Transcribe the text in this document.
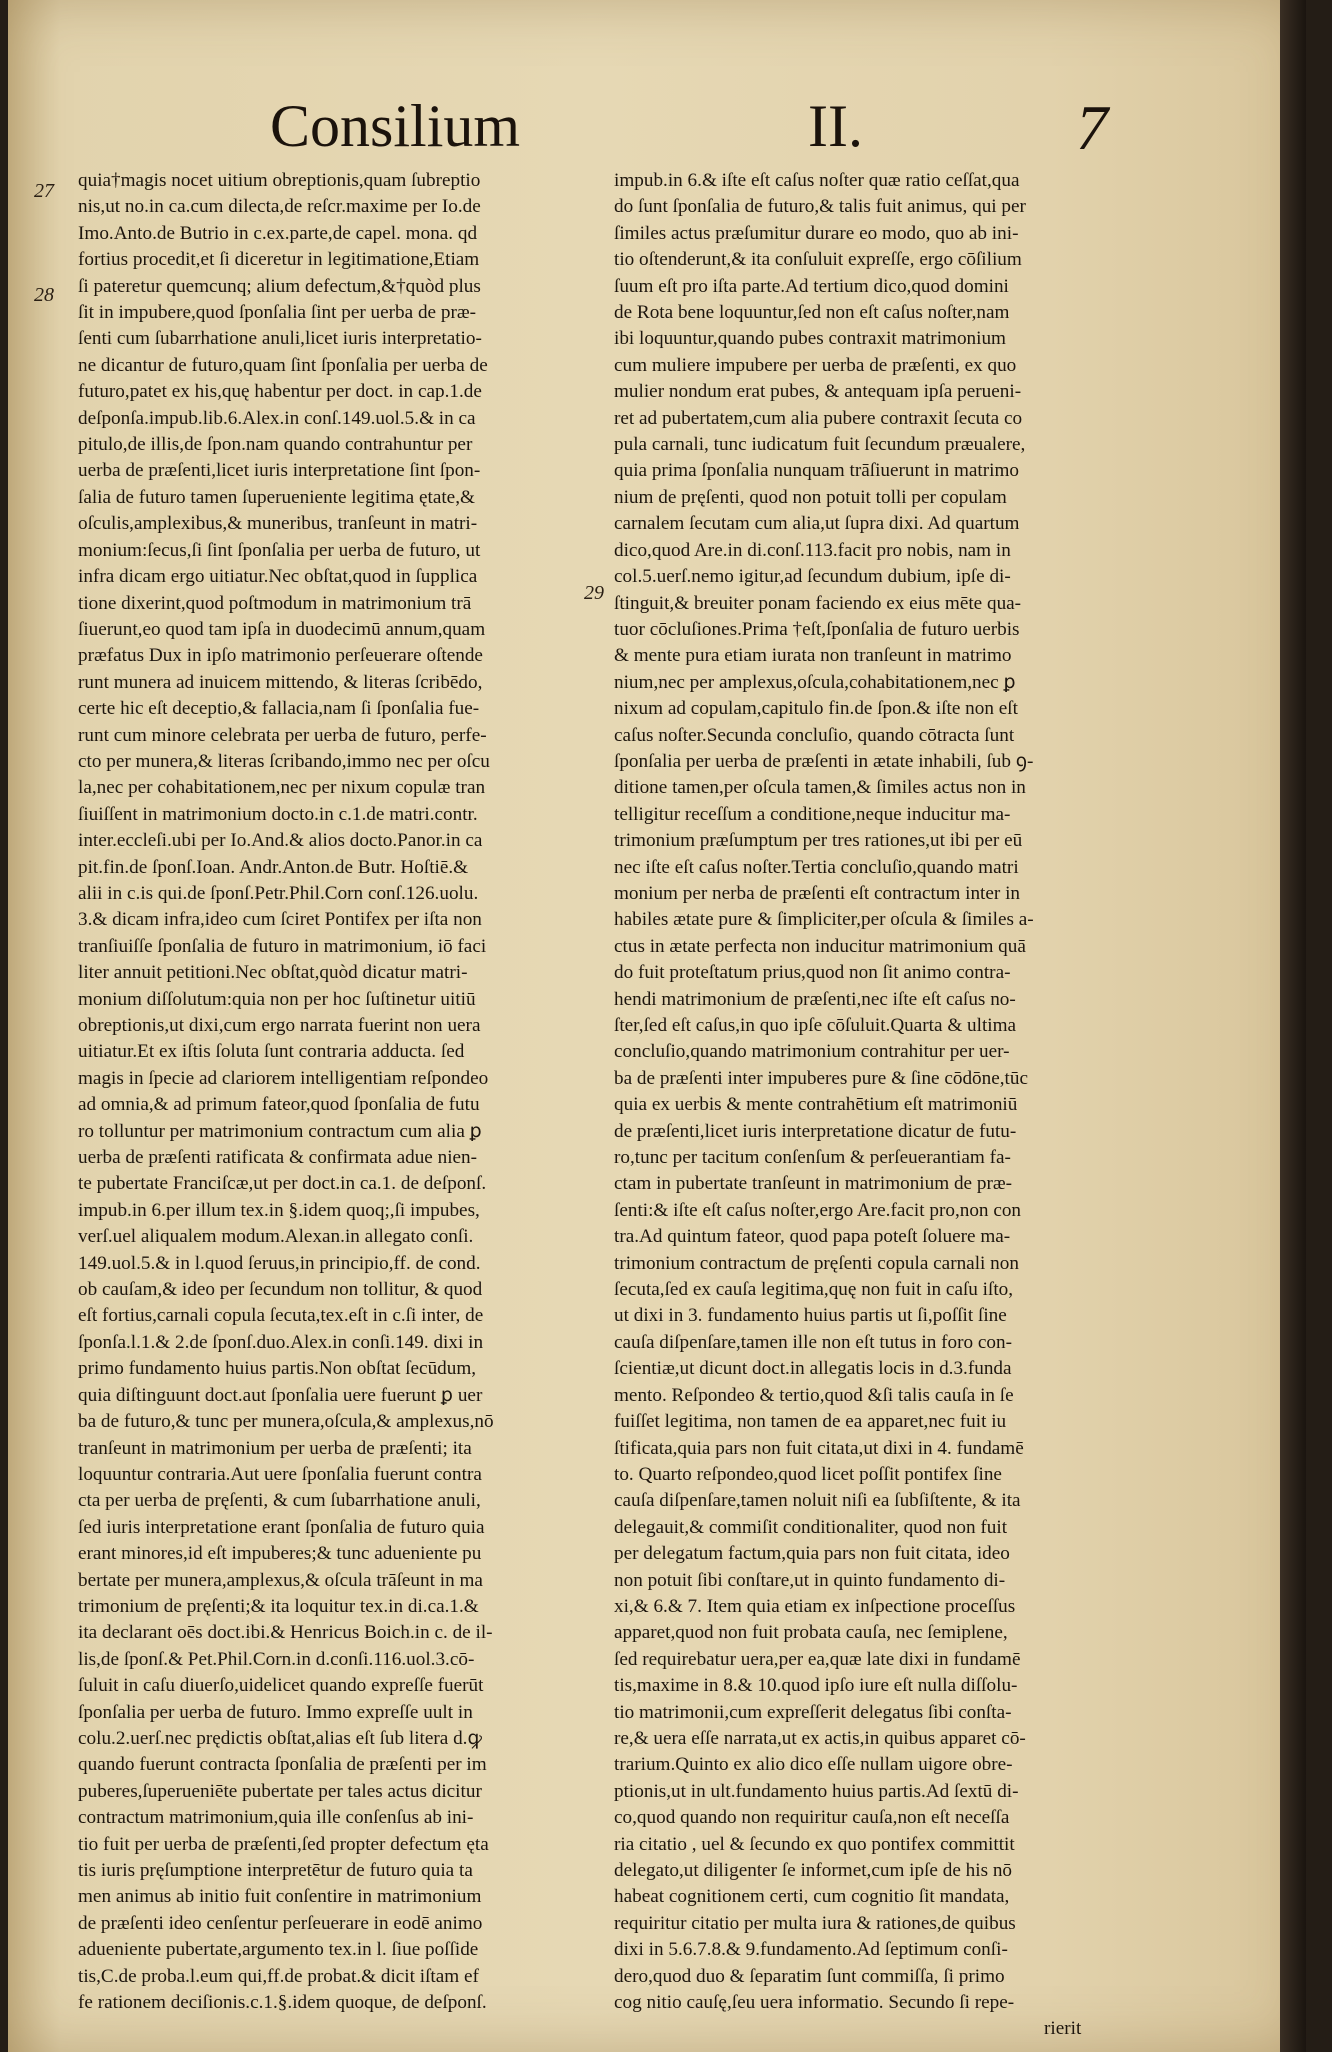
Consilium	II.	7
27
28
29
quia†magis nocet uitium obreptionis,quam ſubreptio
nis,ut no.in ca.cum dilecta,de reſcr.maxime per Io.de
Imo.Anto.de Butrio in c.ex.parte,de capel. mona. qd
fortius procedit,et ſi diceretur in legitimatione,Etiam
ſi pateretur quemcunq; alium defectum,&†quòd plus
ſit in impubere,quod ſponſalia ſint per uerba de præ-
ſenti cum ſubarrhatione anuli,licet iuris interpretatio-
ne dicantur de futuro,quam ſint ſponſalia per uerba de
futuro,patet ex his,quę habentur per doct. in cap.1.de
deſponſa.impub.lib.6.Alex.in conſ.149.uol.5.& in ca
pitulo,de illis,de ſpon.nam quando contrahuntur per
uerba de præſenti,licet iuris interpretatione ſint ſpon-
ſalia de futuro tamen ſuperueniente legitima ętate,&
oſculis,amplexibus,& muneribus, tranſeunt in matri-
monium:ſecus,ſi ſint ſponſalia per uerba de futuro, ut
infra dicam ergo uitiatur.Nec obſtat,quod in ſupplica
tione dixerint,quod poſtmodum in matrimonium trā
ſiuerunt,eo quod tam ipſa in duodecimū annum,quam
præfatus Dux in ipſo matrimonio perſeuerare oſtende
runt munera ad inuicem mittendo, & literas ſcribēdo,
certe hic eſt deceptio,& fallacia,nam ſi ſponſalia fue-
runt cum minore celebrata per uerba de futuro, perfe-
cto per munera,& literas ſcribando,immo nec per oſcu
la,nec per cohabitationem,nec per nixum copulæ tran
ſiuiſſent in matrimonium docto.in c.1.de matri.contr.
inter.eccleſi.ubi per Io.And.& alios docto.Panor.in ca
pit.fin.de ſponſ.Ioan. Andr.Anton.de Butr. Hoſtiē.&
alii in c.is qui.de ſponſ.Petr.Phil.Corn conſ.126.uolu.
3.& dicam infra,ideo cum ſciret Pontifex per iſta non
tranſiuiſſe ſponſalia de futuro in matrimonium, iō faci
liter annuit petitioni.Nec obſtat,quòd dicatur matri-
monium diſſolutum:quia non per hoc ſuſtinetur uitiū
obreptionis,ut dixi,cum ergo narrata fuerint non uera
uitiatur.Et ex iſtis ſoluta ſunt contraria adducta. ſed
magis in ſpecie ad clariorem intelligentiam reſpondeo
ad omnia,& ad primum fateor,quod ſponſalia de futu
ro tolluntur per matrimonium contractum cum alia ꝑ
uerba de præſenti ratificata & confirmata adue nien-
te pubertate Franciſcæ,ut per doct.in ca.1. de deſponſ.
impub.in 6.per illum tex.in §.idem quoq;,ſi impubes,
verſ.uel aliqualem modum.Alexan.in allegato conſi.
149.uol.5.& in l.quod ſeruus,in principio,ff. de cond.
ob cauſam,& ideo per ſecundum non tollitur, & quod
eſt fortius,carnali copula ſecuta,tex.eſt in c.ſi inter, de
ſponſa.l.1.& 2.de ſponſ.duo.Alex.in conſi.149. dixi in
primo fundamento huius partis.Non obſtat ſecūdum,
quia diſtinguunt doct.aut ſponſalia uere fuerunt ꝑ uer
ba de futuro,& tunc per munera,oſcula,& amplexus,nō
tranſeunt in matrimonium per uerba de præſenti; ita
loquuntur contraria.Aut uere ſponſalia fuerunt contra
cta per uerba de pręſenti, & cum ſubarrhatione anuli,
ſed iuris interpretatione erant ſponſalia de futuro quia
erant minores,id eſt impuberes;& tunc adueniente pu
bertate per munera,amplexus,& oſcula trāſeunt in ma
trimonium de pręſenti;& ita loquitur tex.in di.ca.1.&
ita declarant oēs doct.ibi.& Henricus Boich.in c. de il-
lis,de ſponſ.& Pet.Phil.Corn.in d.conſi.116.uol.3.cō-
ſuluit in caſu diuerſo,uidelicet quando expreſſe fuerūt
ſponſalia per uerba de futuro. Immo expreſſe uult in
colu.2.uerſ.nec prędictis obſtat,alias eſt ſub litera d.ꝙ
quando fuerunt contracta ſponſalia de præſenti per im
puberes,ſuperueniēte pubertate per tales actus dicitur
contractum matrimonium,quia ille conſenſus ab ini-
tio fuit per uerba de præſenti,ſed propter defectum ęta
tis iuris pręſumptione interpretētur de futuro quia ta
men animus ab initio fuit conſentire in matrimonium
de præſenti ideo cenſentur perſeuerare in eodē animo
adueniente pubertate,argumento tex.in l. ſiue poſſide
tis,C.de proba.l.eum qui,ff.de probat.& dicit iſtam ef
fe rationem deciſionis.c.1.§.idem quoque, de deſponſ.
impub.in 6.& iſte eſt caſus noſter quæ ratio ceſſat,qua
do ſunt ſponſalia de futuro,& talis fuit animus, qui per
ſimiles actus præſumitur durare eo modo, quo ab ini-
tio oſtenderunt,& ita conſuluit expreſſe, ergo cōſilium
ſuum eſt pro iſta parte.Ad tertium dico,quod domini
de Rota bene loquuntur,ſed non eſt caſus noſter,nam
ibi loquuntur,quando pubes contraxit matrimonium
cum muliere impubere per uerba de præſenti, ex quo
mulier nondum erat pubes, & antequam ipſa perueni-
ret ad pubertatem,cum alia pubere contraxit ſecuta co
pula carnali, tunc iudicatum fuit ſecundum præualere,
quia prima ſponſalia nunquam trāſiuerunt in matrimo
nium de pręſenti, quod non potuit tolli per copulam
carnalem ſecutam cum alia,ut ſupra dixi. Ad quartum
dico,quod Are.in di.conſ.113.facit pro nobis, nam in
col.5.uerſ.nemo igitur,ad ſecundum dubium, ipſe di-
ſtinguit,& breuiter ponam faciendo ex eius mēte qua-
tuor cōcluſiones.Prima †eſt,ſponſalia de futuro uerbis
& mente pura etiam iurata non tranſeunt in matrimo
nium,nec per amplexus,oſcula,cohabitationem,nec ꝑ
nixum ad copulam,capitulo fin.de ſpon.& iſte non eſt
caſus noſter.Secunda concluſio, quando cōtracta ſunt
ſponſalia per uerba de præſenti in ætate inhabili, ſub ꝯ-
ditione tamen,per oſcula tamen,& ſimiles actus non in
telligitur receſſum a conditione,neque inducitur ma-
trimonium præſumptum per tres rationes,ut ibi per eū
nec iſte eſt caſus noſter.Tertia concluſio,quando matri
monium per nerba de præſenti eſt contractum inter in
habiles ætate pure & ſimpliciter,per oſcula & ſimiles a-
ctus in ætate perfecta non inducitur matrimonium quā
do fuit proteſtatum prius,quod non ſit animo contra-
hendi matrimonium de præſenti,nec iſte eſt caſus no-
ſter,ſed eſt caſus,in quo ipſe cōſuluit.Quarta & ultima
concluſio,quando matrimonium contrahitur per uer-
ba de præſenti inter impuberes pure & ſine cōdōne,tūc
quia ex uerbis & mente contrahētium eſt matrimoniū
de præſenti,licet iuris interpretatione dicatur de futu-
ro,tunc per tacitum conſenſum & perſeuerantiam fa-
ctam in pubertate tranſeunt in matrimonium de præ-
ſenti:& iſte eſt caſus noſter,ergo Are.facit pro,non con
tra.Ad quintum fateor, quod papa poteſt ſoluere ma-
trimonium contractum de pręſenti copula carnali non
ſecuta,ſed ex cauſa legitima,quę non fuit in caſu iſto,
ut dixi in 3. fundamento huius partis ut ſi,poſſit ſine
cauſa diſpenſare,tamen ille non eſt tutus in foro con-
ſcientiæ,ut dicunt doct.in allegatis locis in d.3.funda
mento. Reſpondeo & tertio,quod &ſi talis cauſa in ſe
fuiſſet legitima, non tamen de ea apparet,nec fuit iu
ſtificata,quia pars non fuit citata,ut dixi in 4. fundamē
to. Quarto reſpondeo,quod licet poſſit pontifex ſine
cauſa diſpenſare,tamen noluit niſi ea ſubſiſtente, & ita
delegauit,& commiſit conditionaliter, quod non fuit
per delegatum factum,quia pars non fuit citata, ideo
non potuit ſibi conſtare,ut in quinto fundamento di-
xi,& 6.& 7. Item quia etiam ex inſpectione proceſſus
apparet,quod non fuit probata cauſa, nec ſemiplene,
ſed requirebatur uera,per ea,quæ late dixi in fundamē
tis,maxime in 8.& 10.quod ipſo iure eſt nulla diſſolu-
tio matrimonii,cum expreſſerit delegatus ſibi conſta-
re,& uera eſſe narrata,ut ex actis,in quibus apparet cō-
trarium.Quinto ex alio dico eſſe nullam uigore obre-
ptionis,ut in ult.fundamento huius partis.Ad ſextū di-
co,quod quando non requiritur cauſa,non eſt neceſſa
ria citatio , uel & ſecundo ex quo pontifex committit
delegato,ut diligenter ſe informet,cum ipſe de his nō
habeat cognitionem certi, cum cognitio ſit mandata,
requiritur citatio per multa iura & rationes,de quibus
dixi in 5.6.7.8.& 9.fundamento.Ad ſeptimum conſi-
dero,quod duo & ſeparatim ſunt commiſſa, ſi primo
cog nitio cauſę,ſeu uera informatio. Secundo ſi repe-
rierit
